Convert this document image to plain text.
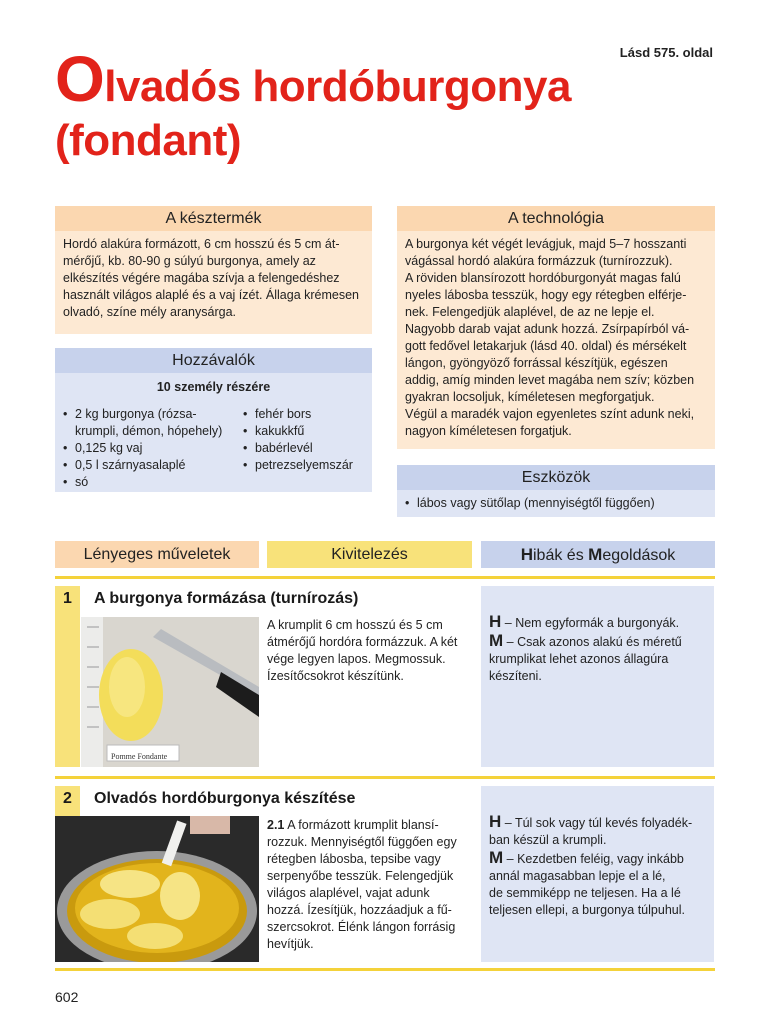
Lásd 575. oldal
Olvadós hordóburgonya
(fondant)
A késztermék
Hordó alakúra formázott, 6 cm hosszú és 5 cm át-
mérőjű, kb. 80-90 g súlyú burgonya, amely az
elkészítés végére magába szívja a felengedéshez
használt világos alaplé és a vaj ízét. Állaga krémesen
olvadó, színe mély aranysárga.
A technológia
A burgonya két végét levágjuk, majd 5–7 hosszanti
vágással hordó alakúra formázzuk (turnírozzuk).
A röviden blansírozott hordóburgonyát magas falú
nyeles lábosba tesszük, hogy egy rétegben elférje-
nek. Felengedjük alaplével, de az ne lepje el.
Nagyobb darab vajat adunk hozzá. Zsírpapírból vá-
gott fedővel letakarjuk (lásd 40. oldal) és mérsékelt
lángon, gyöngyöző forrással készítjük, egészen
addig, amíg minden levet magába nem szív; közben
gyakran locsoljuk, kíméletesen megforgatjuk.
Végül a maradék vajon egyenletes színt adunk neki,
nagyon kíméletesen forgatjuk.
Hozzávalók
10 személy részére
• 2 kg burgonya (rózsa-
krumpli, démon, hópehely)
• 0,125 kg vaj
• 0,5 l szárnyasalaplé
• só
• fehér bors
• kakukkfű
• babérlevél
• petrezselyemszár
Eszközök
• lábos vagy sütőlap (mennyiségtől függően)
Lényeges műveletek	Kivitelezés	Hibák és Megoldások
1	A burgonya formázása (turnírozás)
Pomme Fondante
A krumplit 6 cm hosszú és 5 cm
átmérőjű hordóra formázzuk. A két
vége legyen lapos. Megmossuk.
Ízesítőcsokrot készítünk.
H – Nem egyformák a burgonyák.
M – Csak azonos alakú és méretű
krumplikat lehet azonos állagúra
készíteni.
2	Olvadós hordóburgonya készítése
2.1 A formázott krumplit blansí-
rozzuk. Mennyiségtől függően egy
rétegben lábosba, tepsibe vagy
serpenyőbe tesszük. Felengedjük
világos alaplével, vajat adunk
hozzá. Ízesítjük, hozzáadjuk a fű-
szercsokrot. Élénk lángon forrásig
hevítjük.
H – Túl sok vagy túl kevés folyadék-
ban készül a krumpli.
M – Kezdetben feléig, vagy inkább
annál magasabban lepje el a lé,
de semmiképp ne teljesen. Ha a lé
teljesen ellepi, a burgonya túlpuhul.
602
